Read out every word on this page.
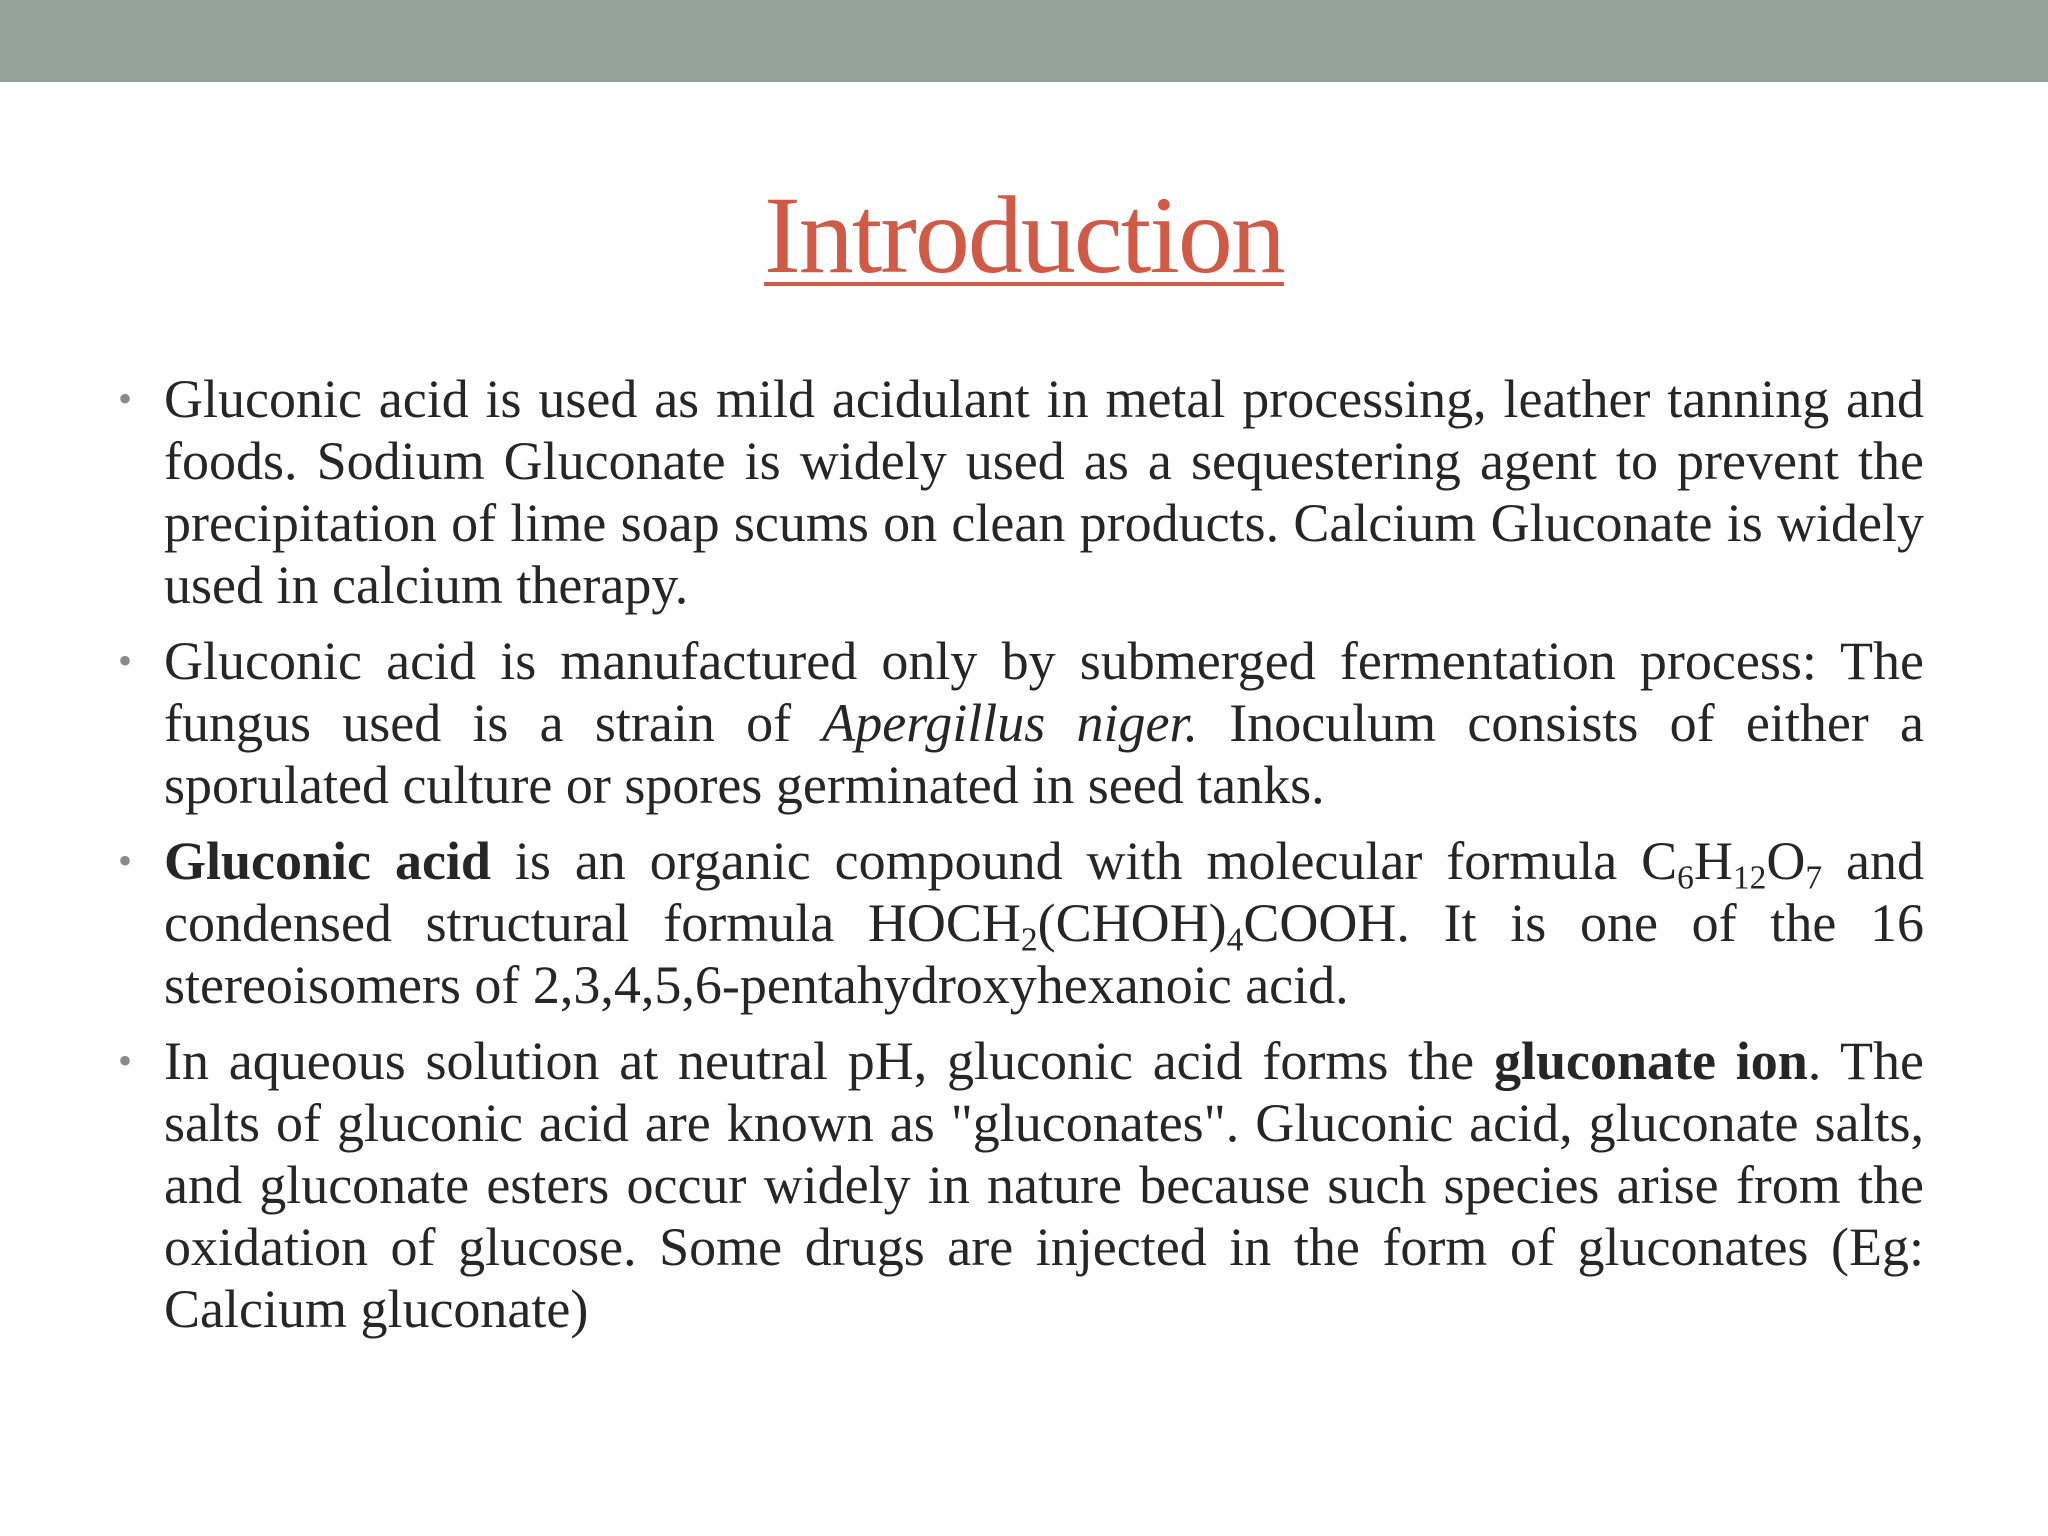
Introduction
• Gluconic acid is used as mild acidulant in metal processing, leather tanning and foods. Sodium Gluconate is widely used as a sequestering agent to prevent the precipitation of lime soap scums on clean products. Calcium Gluconate is widely used in calcium therapy.
• Gluconic acid is manufactured only by submerged fermentation process: The fungus used is a strain of Apergillus niger. Inoculum consists of either a sporulated culture or spores germinated in seed tanks.
• Gluconic acid is an organic compound with molecular formula $C_6H_{12}O_7$ and condensed structural formula $HOCH_2(CHOH)_4COOH$. It is one of the 16 stereoisomers of 2,3,4,5,6-pentahydroxyhexanoic acid.
• In aqueous solution at neutral pH, gluconic acid forms the gluconate ion. The salts of gluconic acid are known as "gluconates". Gluconic acid, gluconate salts, and gluconate esters occur widely in nature because such species arise from the oxidation of glucose. Some drugs are injected in the form of gluconates (Eg: Calcium gluconate)
